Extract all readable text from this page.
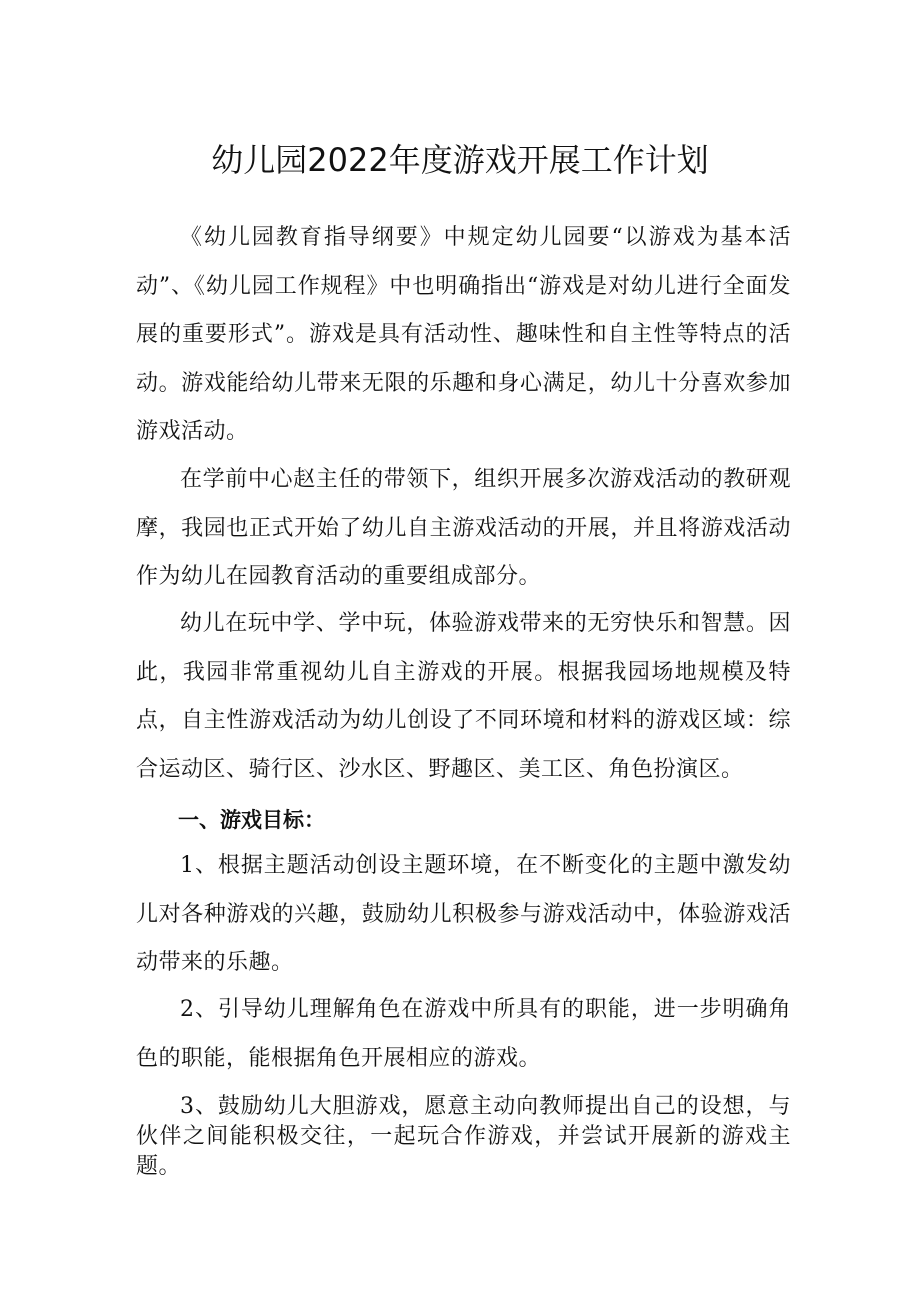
幼儿园2022年度游戏开展工作计划

《幼儿园教育指导纲要》中规定幼儿园要“以游戏为基本活动”、《幼儿园工作规程》中也明确指出“游戏是对幼儿进行全面发展的重要形式”。游戏是具有活动性、趣味性和自主性等特点的活动。游戏能给幼儿带来无限的乐趣和身心满足，幼儿十分喜欢参加游戏活动。

在学前中心赵主任的带领下，组织开展多次游戏活动的教研观摩，我园也正式开始了幼儿自主游戏活动的开展，并且将游戏活动作为幼儿在园教育活动的重要组成部分。

幼儿在玩中学、学中玩，体验游戏带来的无穷快乐和智慧。因此，我园非常重视幼儿自主游戏的开展。根据我园场地规模及特点，自主性游戏活动为幼儿创设了不同环境和材料的游戏区域：综合运动区、骑行区、沙水区、野趣区、美工区、角色扮演区。

一、游戏目标：

1、根据主题活动创设主题环境，在不断变化的主题中激发幼儿对各种游戏的兴趣，鼓励幼儿积极参与游戏活动中，体验游戏活动带来的乐趣。

2、引导幼儿理解角色在游戏中所具有的职能，进一步明确角色的职能，能根据角色开展相应的游戏。

3、鼓励幼儿大胆游戏，愿意主动向教师提出自己的设想，与伙伴之间能积极交往，一起玩合作游戏，并尝试开展新的游戏主题。
